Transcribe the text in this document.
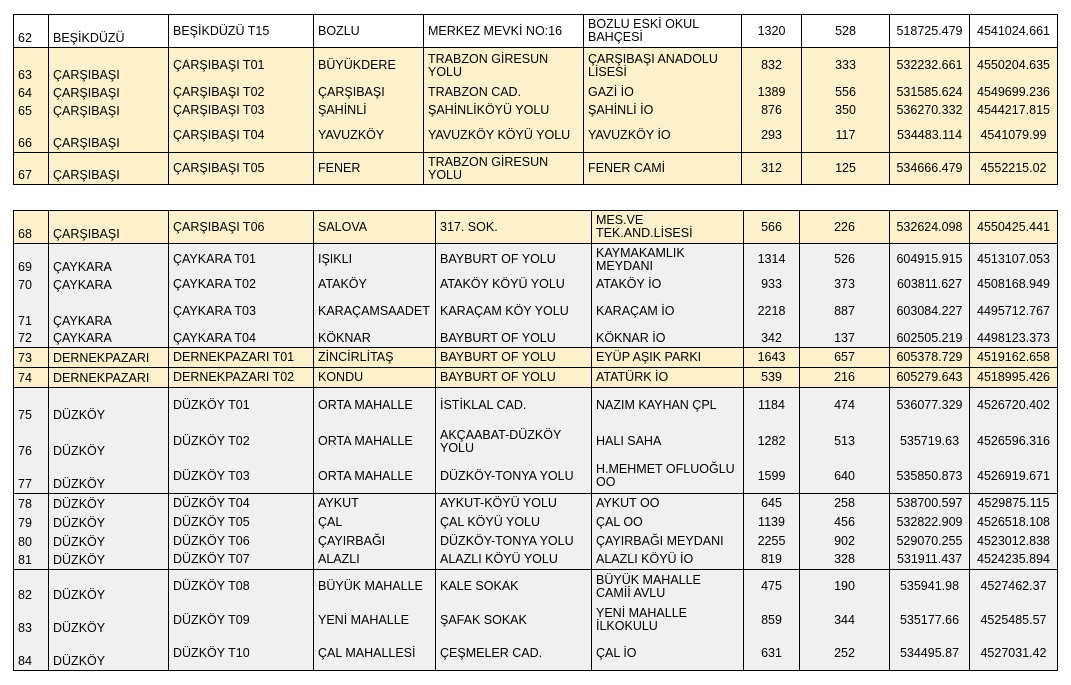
62	BEŞİKDÜZÜ	BEŞİKDÜZÜ T15	BOZLU	MERKEZ MEVKİ NO:16	BOZLU ESKİ OKUL BAHÇESİ	1320	528	518725.479	4541024.661
63	ÇARŞIBAŞI	ÇARŞIBAŞI T01	BÜYÜKDERE	TRABZON GİRESUN YOLU	ÇARŞIBAŞI ANADOLU LİSESİ	832	333	532232.661	4550204.635
64	ÇARŞIBAŞI	ÇARŞIBAŞI T02	ÇARŞIBAŞI	TRABZON CAD.	GAZİ İO	1389	556	531585.624	4549699.236
65	ÇARŞIBAŞI	ÇARŞIBAŞI T03	ŞAHİNLİ	ŞAHİNLİKÖYÜ YOLU	ŞAHİNLİ İO	876	350	536270.332	4544217.815
66	ÇARŞIBAŞI	ÇARŞIBAŞI T04	YAVUZKÖY	YAVUZKÖY KÖYÜ YOLU	YAVUZKÖY İO	293	117	534483.114	4541079.99
67	ÇARŞIBAŞI	ÇARŞIBAŞI T05	FENER	TRABZON GİRESUN YOLU	FENER CAMİ	312	125	534666.479	4552215.02
68	ÇARŞIBAŞI	ÇARŞIBAŞI T06	SALOVA	317. SOK.	MES.VE TEK.AND.LİSESİ	566	226	532624.098	4550425.441
69	ÇAYKARA	ÇAYKARA T01	IŞIKLI	BAYBURT OF YOLU	KAYMAKAMLIK MEYDANI	1314	526	604915.915	4513107.053
70	ÇAYKARA	ÇAYKARA T02	ATAKÖY	ATAKÖY KÖYÜ YOLU	ATAKÖY İO	933	373	603811.627	4508168.949
71	ÇAYKARA	ÇAYKARA T03	KARAÇAMSAADET	KARAÇAM KÖY YOLU	KARAÇAM İO	2218	887	603084.227	4495712.767
72	ÇAYKARA	ÇAYKARA T04	KÖKNAR	BAYBURT OF YOLU	KÖKNAR İO	342	137	602505.219	4498123.373
73	DERNEKPAZARI	DERNEKPAZARI T01	ZİNCİRLİTAŞ	BAYBURT OF YOLU	EYÜP AŞIK PARKI	1643	657	605378.729	4519162.658
74	DERNEKPAZARI	DERNEKPAZARI T02	KONDU	BAYBURT OF YOLU	ATATÜRK İO	539	216	605279.643	4518995.426
75	DÜZKÖY	DÜZKÖY T01	ORTA MAHALLE	İSTİKLAL CAD.	NAZIM KAYHAN ÇPL	1184	474	536077.329	4526720.402
76	DÜZKÖY	DÜZKÖY T02	ORTA MAHALLE	AKÇAABAT-DÜZKÖY YOLU	HALI SAHA	1282	513	535719.63	4526596.316
77	DÜZKÖY	DÜZKÖY T03	ORTA MAHALLE	DÜZKÖY-TONYA YOLU	H.MEHMET OFLUOĞLU OO	1599	640	535850.873	4526919.671
78	DÜZKÖY	DÜZKÖY T04	AYKUT	AYKUT-KÖYÜ YOLU	AYKUT OO	645	258	538700.597	4529875.115
79	DÜZKÖY	DÜZKÖY T05	ÇAL	ÇAL KÖYÜ YOLU	ÇAL OO	1139	456	532822.909	4526518.108
80	DÜZKÖY	DÜZKÖY T06	ÇAYIRBAĞI	DÜZKÖY-TONYA YOLU	ÇAYIRBAĞI MEYDANI	2255	902	529070.255	4523012.838
81	DÜZKÖY	DÜZKÖY T07	ALAZLI	ALAZLI KÖYÜ YOLU	ALAZLI KÖYÜ İO	819	328	531911.437	4524235.894
82	DÜZKÖY	DÜZKÖY T08	BÜYÜK MAHALLE	KALE SOKAK	BÜYÜK MAHALLE CAMİİ AVLU	475	190	535941.98	4527462.37
83	DÜZKÖY	DÜZKÖY T09	YENİ MAHALLE	ŞAFAK SOKAK	YENİ MAHALLE İLKOKULU	859	344	535177.66	4525485.57
84	DÜZKÖY	DÜZKÖY T10	ÇAL MAHALLESİ	ÇEŞMELER CAD.	ÇAL İO	631	252	534495.87	4527031.42
